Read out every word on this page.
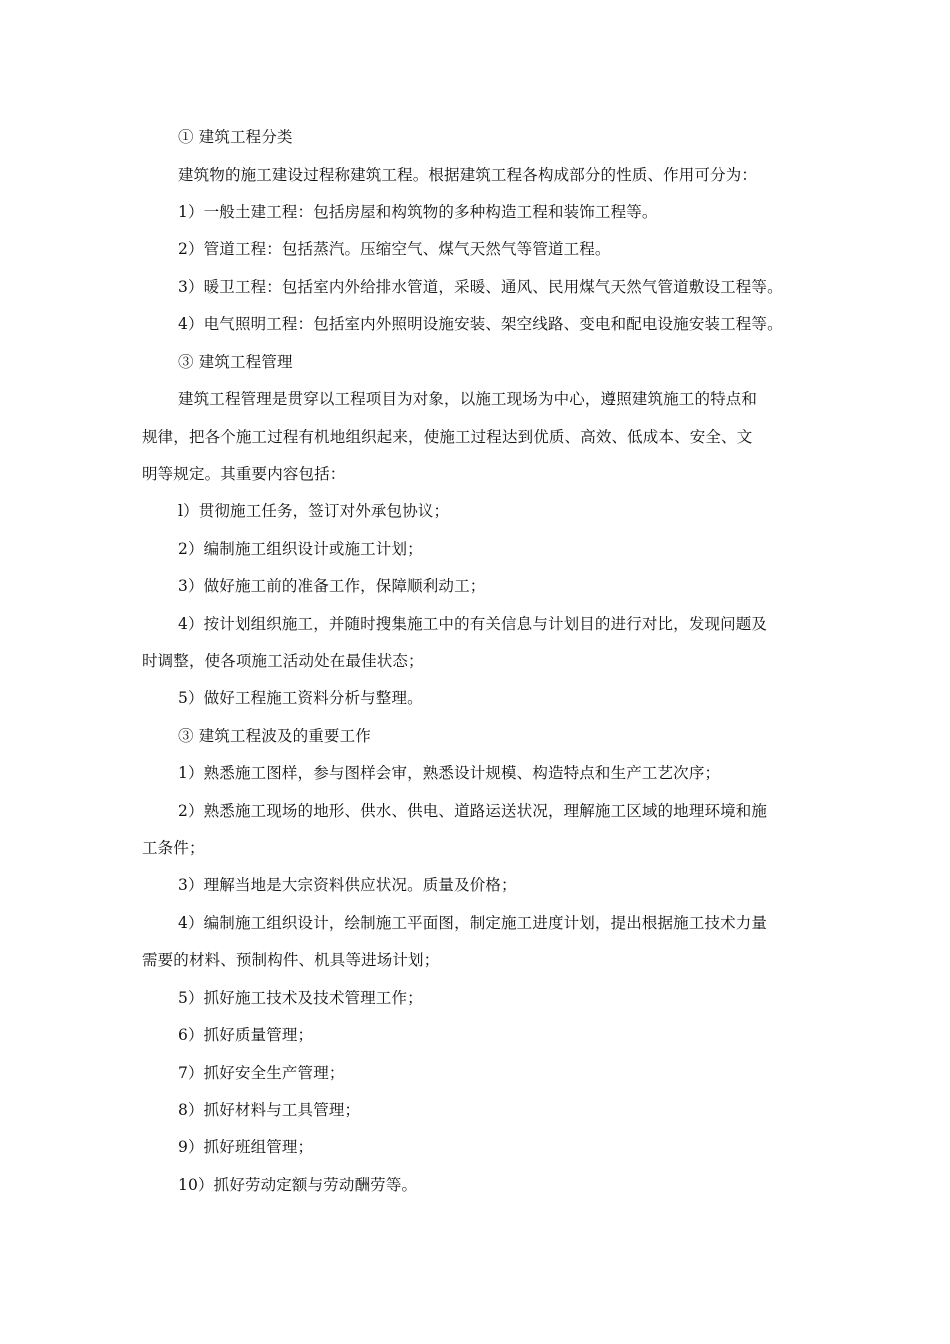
① 建筑工程分类
建筑物的施工建设过程称建筑工程。根据建筑工程各构成部分的性质、作用可分为：
1）一般土建工程：包括房屋和构筑物的多种构造工程和装饰工程等。
2）管道工程：包括蒸汽。压缩空气、煤气天然气等管道工程。
3）暖卫工程：包括室内外给排水管道，采暖、通风、民用煤气天然气管道敷设工程等。
4）电气照明工程：包括室内外照明设施安装、架空线路、变电和配电设施安装工程等。
③ 建筑工程管理
建筑工程管理是贯穿以工程项目为对象，以施工现场为中心，遵照建筑施工的特点和
规律，把各个施工过程有机地组织起来，使施工过程达到优质、高效、低成本、安全、文
明等规定。其重要内容包括：
l）贯彻施工任务，签订对外承包协议；
2）编制施工组织设计或施工计划；
3）做好施工前的准备工作，保障顺利动工；
4）按计划组织施工，并随时搜集施工中的有关信息与计划目的进行对比，发现问题及
时调整，使各项施工活动处在最佳状态；
5）做好工程施工资料分析与整理。
③ 建筑工程波及的重要工作
1）熟悉施工图样，参与图样会审，熟悉设计规模、构造特点和生产工艺次序；
2）熟悉施工现场的地形、供水、供电、道路运送状况，理解施工区域的地理环境和施
工条件；
3）理解当地是大宗资料供应状况。质量及价格；
4）编制施工组织设计，绘制施工平面图，制定施工进度计划，提出根据施工技术力量
需要的材料、预制构件、机具等进场计划；
5）抓好施工技术及技术管理工作；
6）抓好质量管理；
7）抓好安全生产管理；
8）抓好材料与工具管理；
9）抓好班组管理；
10）抓好劳动定额与劳动酬劳等。
